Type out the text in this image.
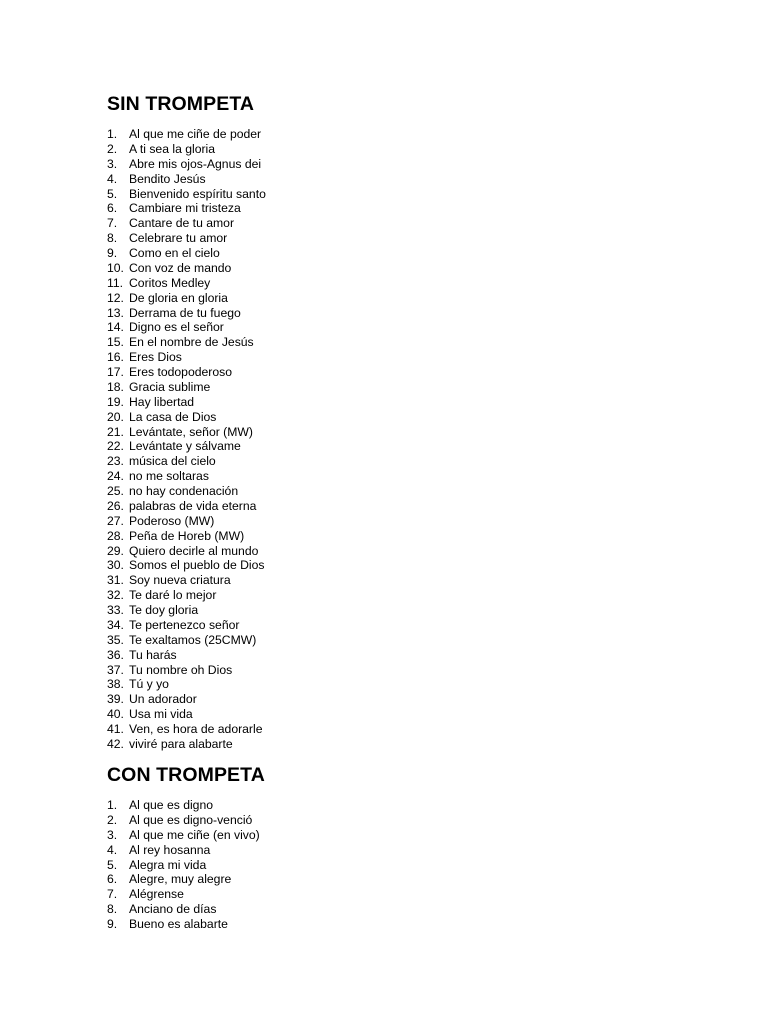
SIN TROMPETA
1. Al que me ciñe de poder
2. A ti sea la gloria
3. Abre mis ojos-Agnus dei
4. Bendito Jesús
5. Bienvenido espíritu santo
6. Cambiare mi tristeza
7. Cantare de tu amor
8. Celebrare tu amor
9. Como en el cielo
10. Con voz de mando
11. Coritos Medley
12. De gloria en gloria
13. Derrama de tu fuego
14. Digno es el señor
15. En el nombre de Jesús
16. Eres Dios
17. Eres todopoderoso
18. Gracia sublime
19. Hay libertad
20. La casa de Dios
21. Levántate, señor (MW)
22. Levántate y sálvame
23. música del cielo
24. no me soltaras
25. no hay condenación
26. palabras de vida eterna
27. Poderoso (MW)
28. Peña de Horeb (MW)
29. Quiero decirle al mundo
30. Somos el pueblo de Dios
31. Soy nueva criatura
32. Te daré lo mejor
33. Te doy gloria
34. Te pertenezco señor
35. Te exaltamos (25CMW)
36. Tu harás
37. Tu nombre oh Dios
38. Tú y yo
39. Un adorador
40. Usa mi vida
41. Ven, es hora de adorarle
42. viviré para alabarte
CON TROMPETA
1. Al que es digno
2. Al que es digno-venció
3. Al que me ciñe (en vivo)
4. Al rey hosanna
5. Alegra mi vida
6. Alegre, muy alegre
7. Alégrense
8. Anciano de días
9. Bueno es alabarte
